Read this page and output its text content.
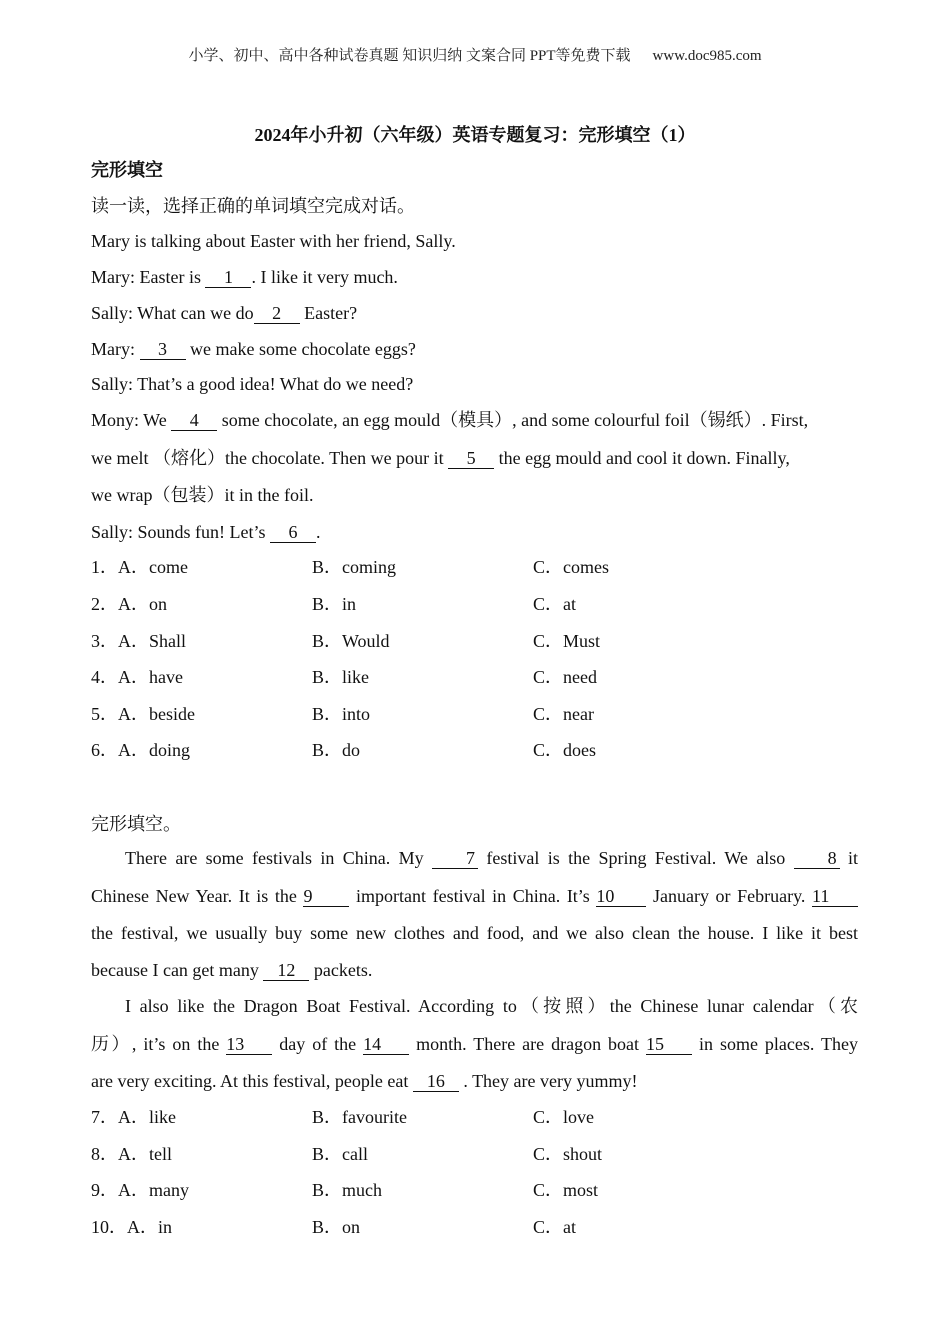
小学、初中、高中各种试卷真题 知识归纳 文案合同 PPT等免费下载 www.doc985.com
2024年小升初（六年级）英语专题复习：完形填空（1）
完形填空
读一读，选择正确的单词填空完成对话。
Mary is talking about Easter with her friend, Sally.
Mary: Easter is 1 . I like it very much.
Sally: What can we do 2 Easter?
Mary: 3 we make some chocolate eggs?
Sally: That’s a good idea! What do we need?
Mony: We 4 some chocolate, an egg mould（模具）, and some colourful foil（锡纸）. First,
we melt （熔化）the chocolate. Then we pour it 5 the egg mould and cool it down. Finally,
we wrap（包装）it in the foil.
Sally: Sounds fun! Let’s 6 .
1．A．come	B．coming	C．comes
2．A．on	B．in	C．at
3．A．Shall	B．Would	C．Must
4．A．have	B．like	C．need
5．A．beside	B．into	C．near
6．A．doing	B．do	C．does
完形填空。
There are some festivals in China. My 7 festival is the Spring Festival. We also 8 it
Chinese New Year. It is the 9 important festival in China. It’s 10 January or February. 11
the festival, we usually buy some new clothes and food, and we also clean the house. I like it best
because I can get many 12 packets.
I also like the Dragon Boat Festival. According to（按照）the Chinese lunar calendar（农
历）, it’s on the 13 day of the 14 month. There are dragon boat 15 in some places. They
are very exciting. At this festival, people eat 16 . They are very yummy!
7．A．like	B．favourite	C．love
8．A．tell	B．call	C．shout
9．A．many	B．much	C．most
10．A．in	B．on	C．at
